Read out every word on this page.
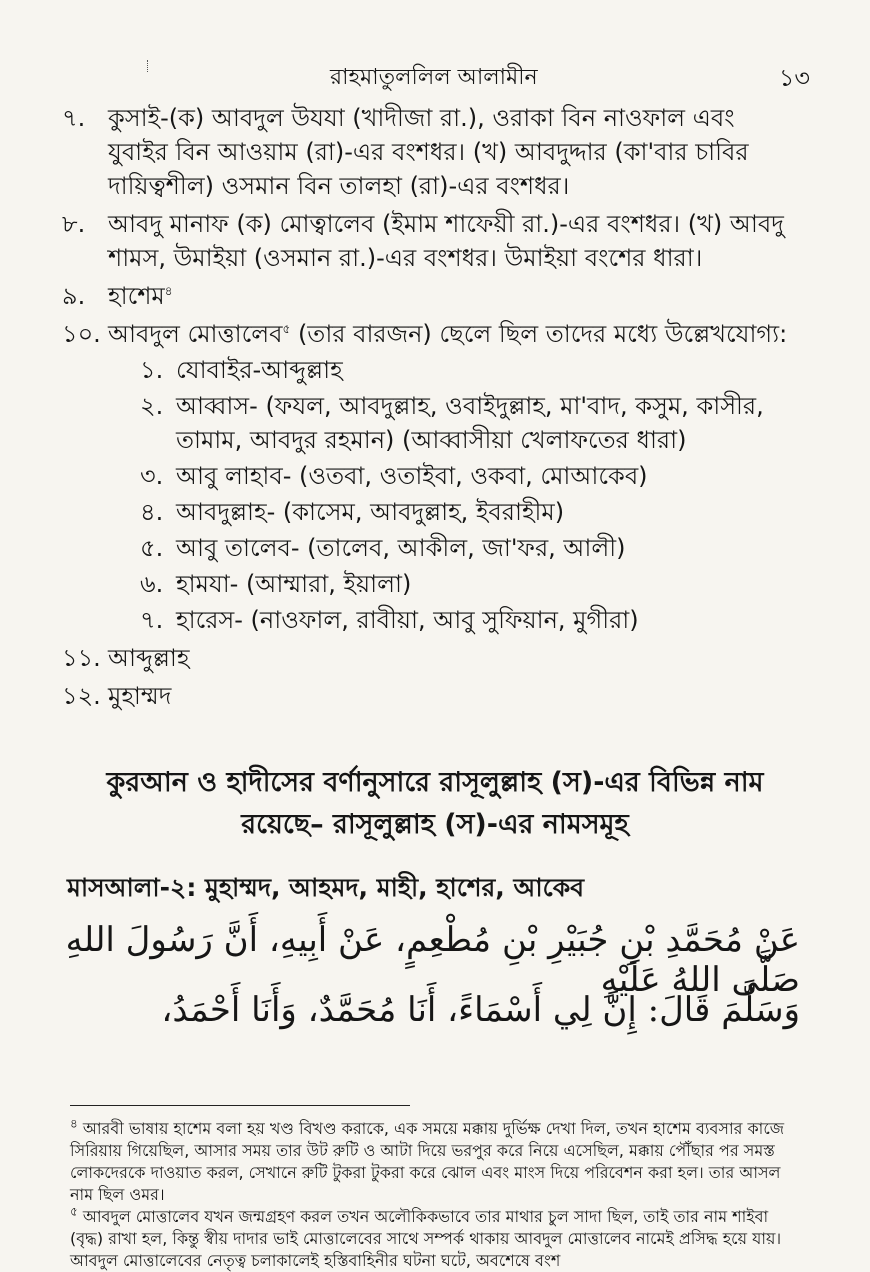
রাহমাতুললিল আলামীন	১৩
৭. কুসাই-(ক) আবদুল উযযা (খাদীজা রা.), ওরাকা বিন নাওফাল এবং যুবাইর বিন আওয়াম (রা)-এর বংশধর। (খ) আবদুদ্দার (কা'বার চাবির দায়িত্বশীল) ওসমান বিন তালহা (রা)-এর বংশধর।
৮. আবদু মানাফ (ক) মোত্বালেব (ইমাম শাফেয়ী রা.)-এর বংশধর। (খ) আবদু শামস, উমাইয়া (ওসমান রা.)-এর বংশধর। উমাইয়া বংশের ধারা।
৯. হাশেম$^৪$
১০. আবদুল মোত্তালেব$^৫$ (তার বারজন) ছেলে ছিল তাদের মধ্যে উল্লেখযোগ্য:
১. যোবাইর-আব্দুল্লাহ
২. আব্বাস- (ফযল, আবদুল্লাহ, ওবাইদুল্লাহ, মা'বাদ, কসুম, কাসীর, তামাম, আবদুর রহমান) (আব্বাসীয়া খেলাফতের ধারা)
৩. আবু লাহাব- (ওতবা, ওতাইবা, ওকবা, মোআকেব)
৪. আবদুল্লাহ- (কাসেম, আবদুল্লাহ, ইবরাহীম)
৫. আবু তালেব- (তালেব, আকীল, জা'ফর, আলী)
৬. হামযা- (আম্মারা, ইয়ালা)
৭. হারেস- (নাওফাল, রাবীয়া, আবু সুফিয়ান, মুগীরা)
১১. আব্দুল্লাহ
১২. মুহাম্মদ
কুরআন ও হাদীসের বর্ণানুসারে রাসূলুল্লাহ (স)-এর বিভিন্ন নাম
রয়েছে– রাসূলুল্লাহ (স)-এর নামসমূহ
মাসআলা-২: মুহাম্মদ, আহমদ, মাহী, হাশের, আকেব
عَنْ مُحَمَّدِ بْنِ جُبَيْرِ بْنِ مُطْعِمٍ، عَنْ أَبِيهِ، أَنَّ رَسُولَ اللهِ صَلَّى اللهُ عَلَيْهِ
وَسَلَّمَ قَالَ: إِنَّ لِي أَسْمَاءً، أَنَا مُحَمَّدٌ، وَأَنَا أَحْمَدُ،

$^৪$ আরবী ভাষায় হাশেম বলা হয় খণ্ড বিখণ্ড করাকে, এক সময়ে মক্কায় দুর্ভিক্ষ দেখা দিল, তখন হাশেম ব্যবসার কাজে সিরিয়ায় গিয়েছিল, আসার সময় তার উট রুটি ও আটা দিয়ে ভরপুর করে নিয়ে এসেছিল, মক্কায় পৌঁছার পর সমস্ত লোকদেরকে দাওয়াত করল, সেখানে রুটি টুকরা টুকরা করে ঝোল এবং মাংস দিয়ে পরিবেশন করা হল। তার আসল নাম ছিল ওমর।

$^৫$ আবদুল মোত্তালেব যখন জন্মগ্রহণ করল তখন অলৌকিকভাবে তার মাথার চুল সাদা ছিল, তাই তার নাম শাইবা (বৃদ্ধ) রাখা হল, কিন্তু স্বীয় দাদার ভাই মোত্তালেবের সাথে সম্পর্ক থাকায় আবদুল মোত্তালেব নামেই প্রসিদ্ধ হয়ে যায়। আবদুল মোত্তালেবের নেতৃত্ব চলাকালেই হস্তিবাহিনীর ঘটনা ঘটে, অবশেষে বংশ
